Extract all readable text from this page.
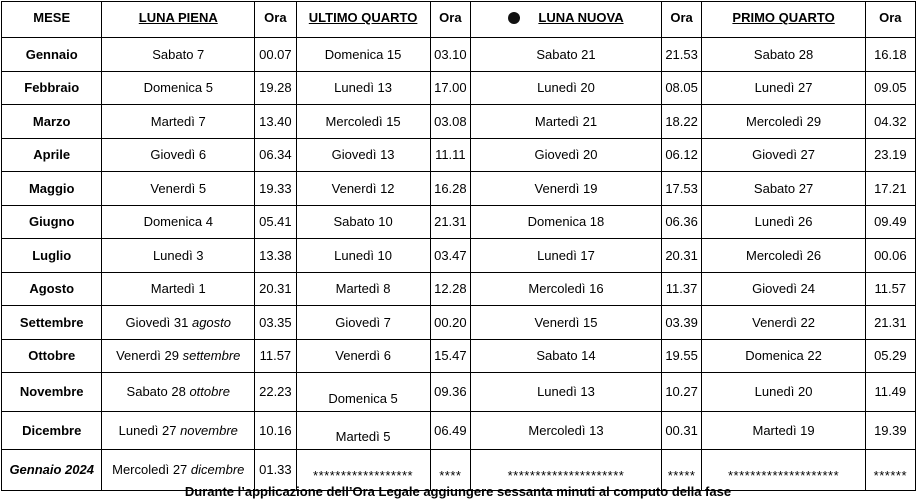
MESE	LUNA PIENA	Ora	ULTIMO QUARTO	Ora	LUNA NUOVA	Ora	PRIMO QUARTO	Ora
Gennaio	Sabato 7	00.07	Domenica 15	03.10	Sabato 21	21.53	Sabato 28	16.18
Febbraio	Domenica 5	19.28	Lunedì 13	17.00	Lunedì 20	08.05	Lunedì 27	09.05
Marzo	Martedì 7	13.40	Mercoledì 15	03.08	Martedì 21	18.22	Mercoledì 29	04.32
Aprile	Giovedì 6	06.34	Giovedì 13	11.11	Giovedì 20	06.12	Giovedì 27	23.19
Maggio	Venerdì 5	19.33	Venerdì 12	16.28	Venerdì 19	17.53	Sabato 27	17.21
Giugno	Domenica 4	05.41	Sabato 10	21.31	Domenica 18	06.36	Lunedì 26	09.49
Luglio	Lunedì 3	13.38	Lunedì 10	03.47	Lunedì 17	20.31	Mercoledì 26	00.06
Agosto	Martedì 1	20.31	Martedì 8	12.28	Mercoledì 16	11.37	Giovedì 24	11.57
Settembre	Giovedì 31 agosto	03.35	Giovedì 7	00.20	Venerdì 15	03.39	Venerdì 22	21.31
Ottobre	Venerdì 29 settembre	11.57	Venerdì 6	15.47	Sabato 14	19.55	Domenica 22	05.29
Novembre	Sabato 28 ottobre	22.23	Domenica 5	09.36	Lunedì 13	10.27	Lunedì 20	11.49
Dicembre	Lunedì 27 novembre	10.16	Martedì 5	06.49	Mercoledì 13	00.31	Martedì 19	19.39
Gennaio 2024	Mercoledì 27 dicembre	01.33	******************	****	*********************	*****	********************	******
Durante l’applicazione dell’Ora Legale aggiungere sessanta minuti al computo della fase
